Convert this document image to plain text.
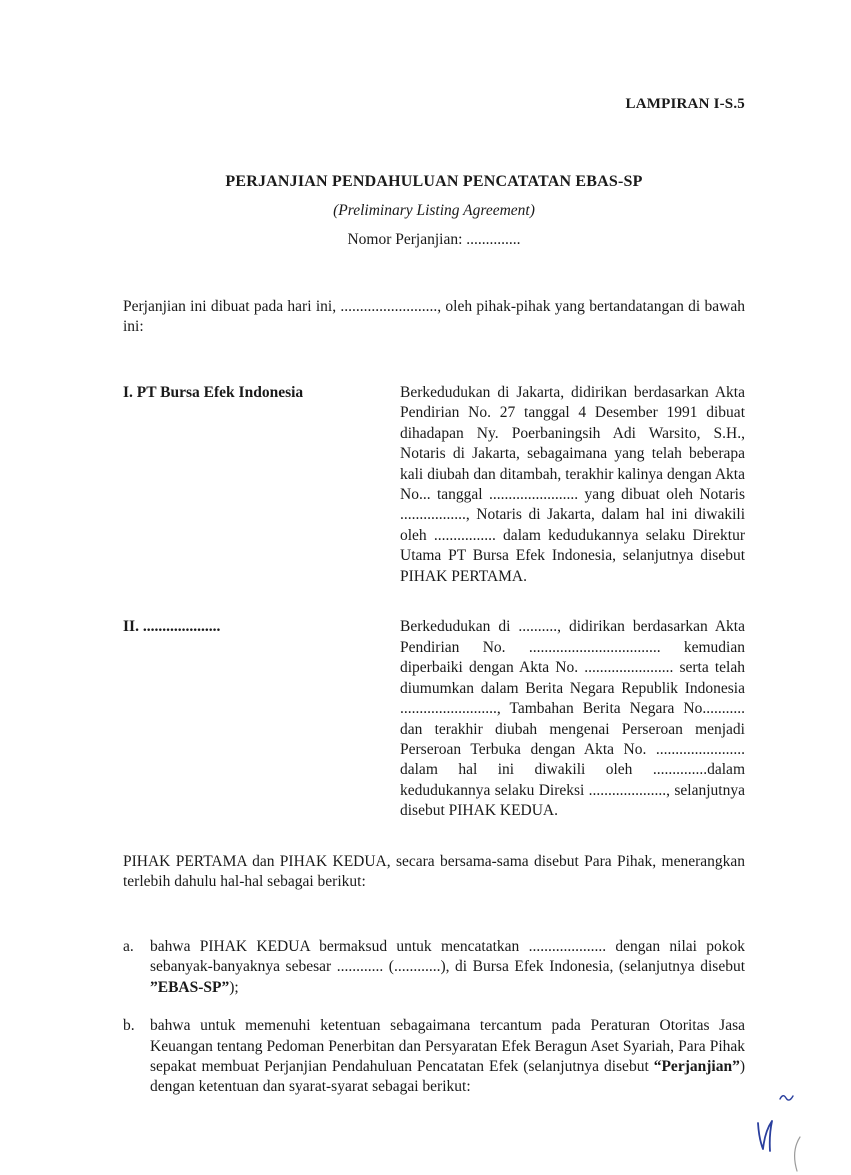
LAMPIRAN I-S.5
PERJANJIAN PENDAHULUAN PENCATATAN EBAS-SP
(Preliminary Listing Agreement)
Nomor Perjanjian: ..............

Perjanjian ini dibuat pada hari ini, ........................., oleh pihak-pihak yang bertandatangan di bawah ini:

I. PT Bursa Efek Indonesia	Berkedudukan di Jakarta, didirikan berdasarkan Akta Pendirian No. 27 tanggal 4 Desember 1991 dibuat dihadapan Ny. Poerbaningsih Adi Warsito, S.H., Notaris di Jakarta, sebagaimana yang telah beberapa kali diubah dan ditambah, terakhir kalinya dengan Akta No... tanggal ....................... yang dibuat oleh Notaris ................., Notaris di Jakarta, dalam hal ini diwakili oleh ................ dalam kedudukannya selaku Direktur Utama PT Bursa Efek Indonesia, selanjutnya disebut PIHAK PERTAMA.
II. ....................	Berkedudukan di .........., didirikan berdasarkan Akta Pendirian No. .................................. kemudian diperbaiki dengan Akta No. ....................... serta telah diumumkan dalam Berita Negara Republik Indonesia ........................., Tambahan Berita Negara No........... dan terakhir diubah mengenai Perseroan menjadi Perseroan Terbuka dengan Akta No. ....................... dalam hal ini diwakili oleh ..............dalam kedudukannya selaku Direksi ...................., selanjutnya disebut PIHAK KEDUA.

PIHAK PERTAMA dan PIHAK KEDUA, secara bersama-sama disebut Para Pihak, menerangkan terlebih dahulu hal-hal sebagai berikut:

a.	bahwa PIHAK KEDUA bermaksud untuk mencatatkan .................... dengan nilai pokok sebanyak-banyaknya sebesar ............ (............), di Bursa Efek Indonesia, (selanjutnya disebut ”EBAS-SP”);
b. bahwa untuk memenuhi ketentuan sebagaimana tercantum pada Peraturan Otoritas Jasa Keuangan tentang Pedoman Penerbitan dan Persyaratan Efek Beragun Aset Syariah, Para Pihak sepakat membuat Perjanjian Pendahuluan Pencatatan Efek (selanjutnya disebut “Perjanjian”) dengan ketentuan dan syarat-syarat sebagai berikut:
